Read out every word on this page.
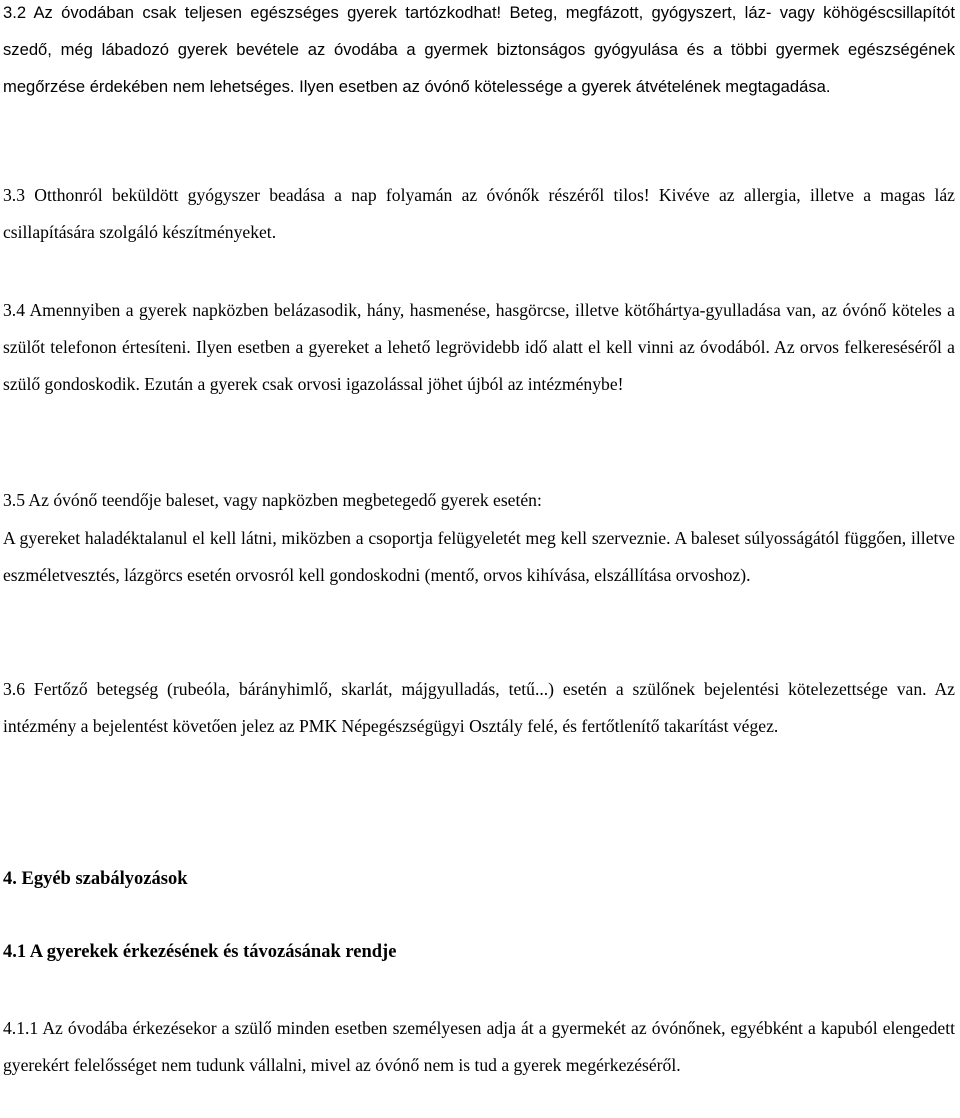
3.2 Az óvodában csak teljesen egészséges gyerek tartózkodhat! Beteg, megfázott, gyógyszert, láz- vagy köhögéscsillapítót szedő, még lábadozó gyerek bevétele az óvodába a gyermek biztonságos gyógyulása és a többi gyermek egészségének megőrzése érdekében nem lehetséges. Ilyen esetben az óvónő kötelessége a gyerek átvételének megtagadása.

3.3 Otthonról beküldött gyógyszer beadása a nap folyamán az óvónők részéről tilos! Kivéve az allergia, illetve a magas láz csillapítására szolgáló készítményeket.

3.4 Amennyiben a gyerek napközben belázasodik, hány, hasmenése, hasgörcse, illetve kötőhártya-gyulladása van, az óvónő köteles a szülőt telefonon értesíteni. Ilyen esetben a gyereket a lehető legrövidebb idő alatt el kell vinni az óvodából. Az orvos felkereséséről a szülő gondoskodik. Ezután a gyerek csak orvosi igazolással jöhet újból az intézménybe!

3.5 Az óvónő teendője baleset, vagy napközben megbetegedő gyerek esetén:

A gyereket haladéktalanul el kell látni, miközben a csoportja felügyeletét meg kell szerveznie. A baleset súlyosságától függően, illetve eszméletvesztés, lázgörcs esetén orvosról kell gondoskodni (mentő, orvos kihívása, elszállítása orvoshoz).

3.6 Fertőző betegség (rubeóla, bárányhimlő, skarlát, májgyulladás, tetű...) esetén a szülőnek bejelentési kötelezettsége van. Az intézmény a bejelentést követően jelez az PMK Népegészségügyi Osztály felé, és fertőtlenítő takarítást végez.

4. Egyéb szabályozások

4.1 A gyerekek érkezésének és távozásának rendje

4.1.1 Az óvodába érkezésekor a szülő minden esetben személyesen adja át a gyermekét az óvónőnek, egyébként a kapuból elengedett gyerekért felelősséget nem tudunk vállalni, mivel az óvónő nem is tud a gyerek megérkezéséről.
